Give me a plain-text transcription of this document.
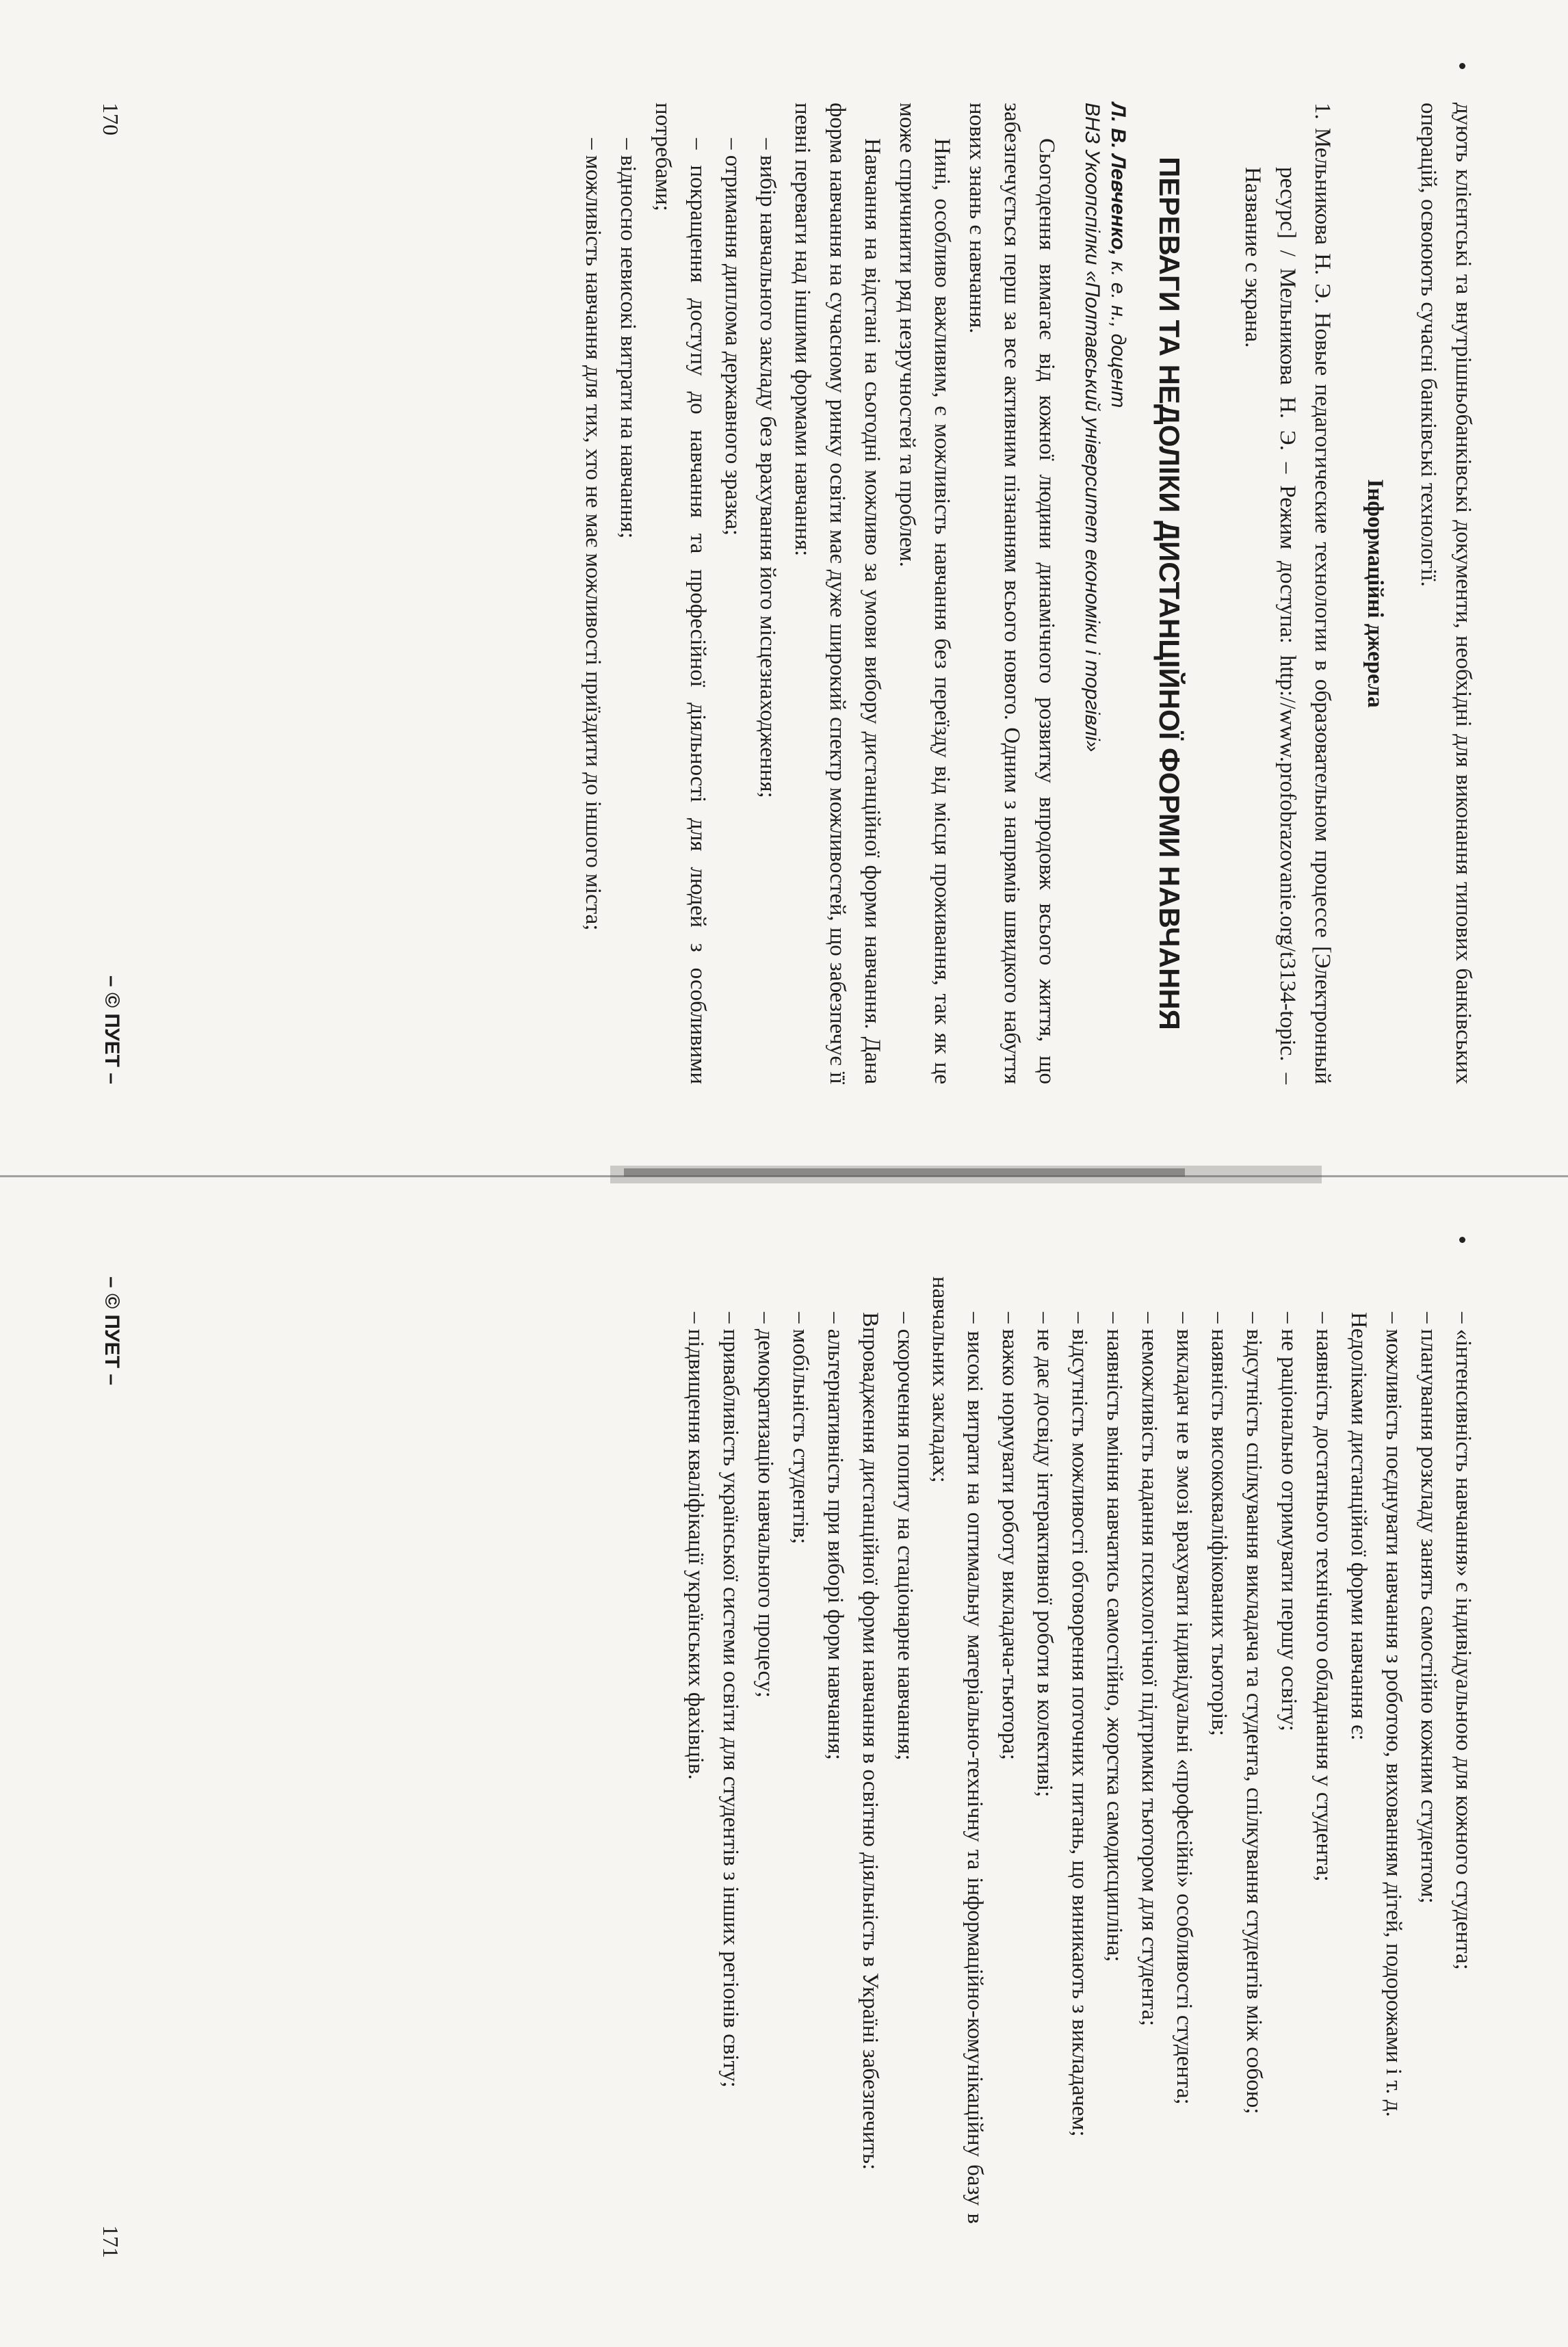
дують клієнтські та внутрішньобанківські документи, необхідні для виконання типових банківських операцій, освоюють сучасні банківські технології.

Інформаційні джерела

1. Мельникова Н. Э. Новые педагогические технологии в образовательном процессе [Электронный ресурс] / Мельникова Н. Э. – Режим доступа: http://www.profobrazovanie.org/t3134-topic. – Название с экрана.

ПЕРЕВАГИ ТА НЕДОЛІКИ ДИСТАНЦІЙНОЇ ФОРМИ НАВЧАННЯ
Л. В. Левченко, к. е. н., доцент
ВНЗ Укоопспілки «Полтавський університет економіки і торгівлі»

Сьогодення вимагає від кожної людини динамічного розвитку впродовж всього життя, що забезпечується перш за все активним пізнанням всього нового. Одним з напрямів швидкого набуття нових знань є навчання.

Нині, особливо важливим, є можливість навчання без переїзду від місця проживання, так як це може спричинити ряд незручностей та проблем.

Навчання на відстані на сьогодні можливо за умови вибору дистанційної форми навчання. Дана форма навчання на сучасному ринку освіти має дуже широкий спектр можливостей, що забезпечує її певні переваги над іншими формами навчання:

– вибір навчального закладу без врахування його місцезнаходження;

– отримання диплома державного зразка;

– покращення доступу до навчання та професійної діяльності для людей з особливими потребами;

– відносно невисокі витрати на навчання;

– можливість навчання для тих, хто не має можливості приїздити до іншого міста;

170
– © ПУЕТ –

– «інтенсивність навчання» є індивідуальною для кожного студента;

– планування розкладу занять самостійно кожним студентом;

– можливість поєднувати навчання з роботою, вихованням дітей, подорожами і т. д.

Недоліками дистанційної форми навчання є:

– наявність достатнього технічного обладнання у студента;

– не раціонально отримувати першу освіту;

– відсутність спілкування викладача та студента, спілкування студентів між собою;

– наявність висококваліфікованих тьюторів;

– викладач не в змозі врахувати індивідуальні «професійні» особливості студента;

– неможливість надання психологічної підтримки тьютором для студента;

– наявність вміння навчатись самостійно, жорстка самодисципліна;

– відсутність можливості обговорення поточних питань, що виникають з викладачем;

– не дає досвіду інтерактивної роботи в колективі;

– важко нормувати роботу викладача-тьютора;

– високі витрати на оптимальну матеріально-технічну та інформаційно-комунікаційну базу в навчальних закладах;

– скорочення попиту на стаціонарне навчання;

Впровадження дистанційної форми навчання в освітню діяльність в Україні забезпечить:

– альтернативність при виборі форм навчання;

– мобільність студентів;

– демократизацію навчального процесу;

– привабливість української системи освіти для студентів з інших регіонів світу;

– підвищення кваліфікації українських фахівців.

– © ПУЕТ –
171
